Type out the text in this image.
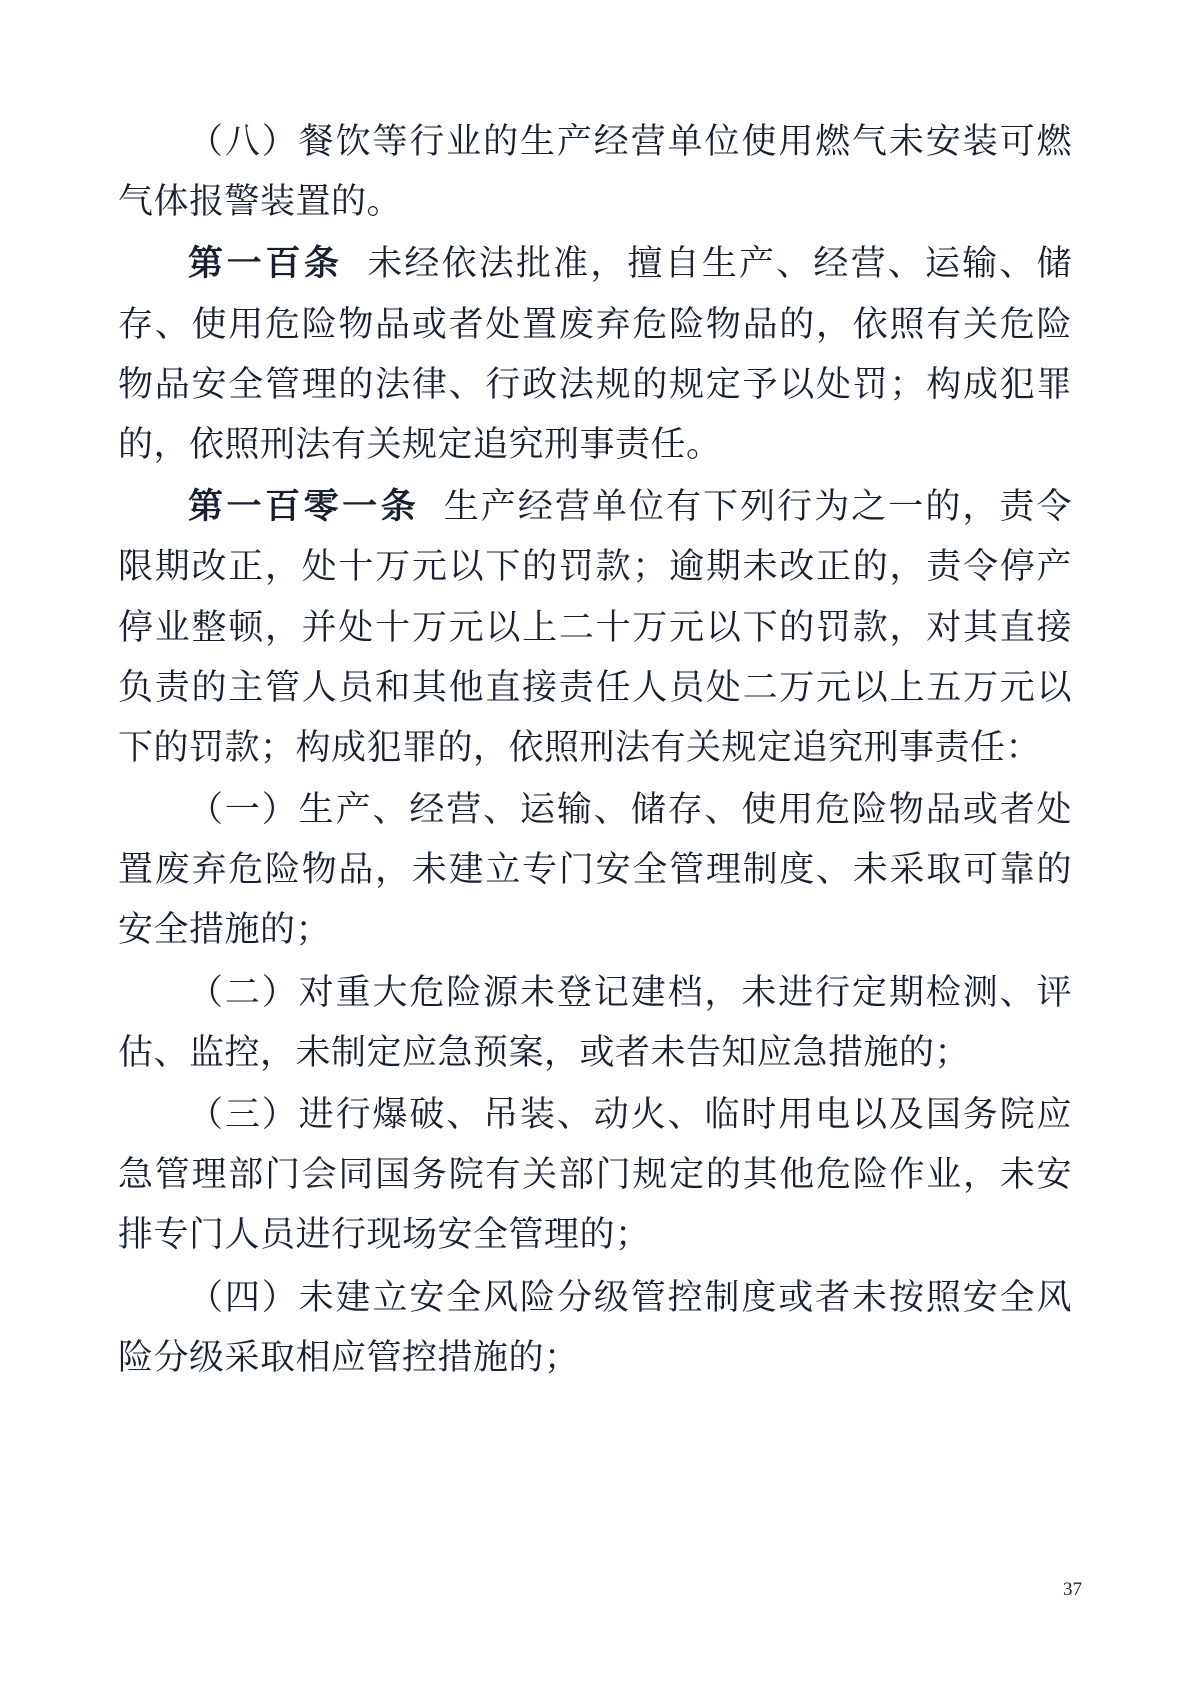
（八）餐饮等行业的生产经营单位使用燃气未安装可燃气体报警装置的。

第一百条 未经依法批准，擅自生产、经营、运输、储存、使用危险物品或者处置废弃危险物品的，依照有关危险物品安全管理的法律、行政法规的规定予以处罚；构成犯罪的，依照刑法有关规定追究刑事责任。

第一百零一条 生产经营单位有下列行为之一的，责令限期改正，处十万元以下的罚款；逾期未改正的，责令停产停业整顿，并处十万元以上二十万元以下的罚款，对其直接负责的主管人员和其他直接责任人员处二万元以上五万元以下的罚款；构成犯罪的，依照刑法有关规定追究刑事责任：

（一）生产、经营、运输、储存、使用危险物品或者处置废弃危险物品，未建立专门安全管理制度、未采取可靠的安全措施的；

（二）对重大危险源未登记建档，未进行定期检测、评估、监控，未制定应急预案，或者未告知应急措施的；

（三）进行爆破、吊装、动火、临时用电以及国务院应急管理部门会同国务院有关部门规定的其他危险作业，未安排专门人员进行现场安全管理的；

（四）未建立安全风险分级管控制度或者未按照安全风险分级采取相应管控措施的；

37
